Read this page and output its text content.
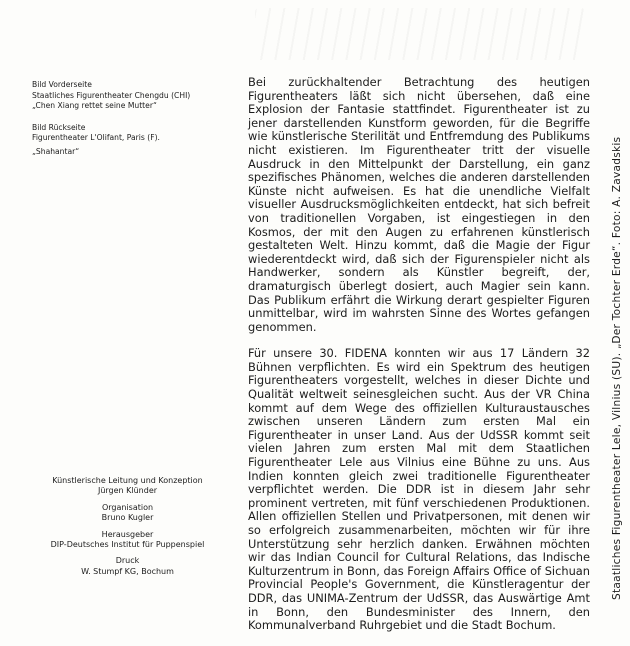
Bild Vorderseite
Staatliches Figurentheater Chengdu (CHI)
„Chen Xiang rettet seine Mutter“

Bild Rückseite
Figurentheater L'Olifant, Paris (F).
„Shahantar“

Bei zurückhaltender Betrachtung des heutigen Figurentheaters läßt sich nicht übersehen, daß eine Explosion der Fantasie stattfindet. Figurentheater ist zu jener darstellenden Kunstform geworden, für die Begriffe wie künstlerische Sterilität und Entfremdung des Publikums nicht existieren. Im Figurentheater tritt der visuelle Ausdruck in den Mittelpunkt der Darstellung, ein ganz spezifisches Phänomen, welches die anderen darstellenden Künste nicht aufweisen. Es hat die unendliche Vielfalt visueller Ausdrucksmöglichkeiten entdeckt, hat sich befreit von traditionellen Vorgaben, ist eingestiegen in den Kosmos, der mit den Augen zu erfahrenen künstlerisch gestalteten Welt. Hinzu kommt, daß die Magie der Figur wiederentdeckt wird, daß sich der Figurenspieler nicht als Handwerker, sondern als Künstler begreift, der, dramaturgisch überlegt dosiert, auch Magier sein kann. Das Publikum erfährt die Wirkung derart gespielter Figuren unmittelbar, wird im wahrsten Sinne des Wortes gefangen genommen.

Für unsere 30. FIDENA konnten wir aus 17 Ländern 32 Bühnen verpflichten. Es wird ein Spektrum des heutigen Figurentheaters vorgestellt, welches in dieser Dichte und Qualität weltweit seinesgleichen sucht. Aus der VR China kommt auf dem Wege des offiziellen Kulturaustausches zwischen unseren Ländern zum ersten Mal ein Figurentheater in unser Land. Aus der UdSSR kommt seit vielen Jahren zum ersten Mal mit dem Staatlichen Figurentheater Lele aus Vilnius eine Bühne zu uns. Aus Indien konnten gleich zwei traditionelle Figurentheater verpflichtet werden. Die DDR ist in diesem Jahr sehr prominent vertreten, mit fünf verschiedenen Produktionen. Allen offiziellen Stellen und Privatpersonen, mit denen wir so erfolgreich zusammenarbeiten, möchten wir für ihre Unterstützung sehr herzlich danken. Erwähnen möchten wir das Indian Council for Cultural Relations, das Indische Kulturzentrum in Bonn, das Foreign Affairs Office of Sichuan Provincial People's Government, die Künstleragentur der DDR, das UNIMA-Zentrum der UdSSR, das Auswärtige Amt in Bonn, den Bundesminister des Innern, den Kommunalverband Ruhrgebiet und die Stadt Bochum.

Künstlerische Leitung und Konzeption
Jürgen Klünder

Organisation
Bruno Kugler

Herausgeber
DIP-Deutsches Institut für Puppenspiel

Druck
W. Stumpf KG, Bochum	Staatliches Figurentheater Lele, Vilnius (SU). „Der Tochter Erde“. Foto: A. Zavadskis
